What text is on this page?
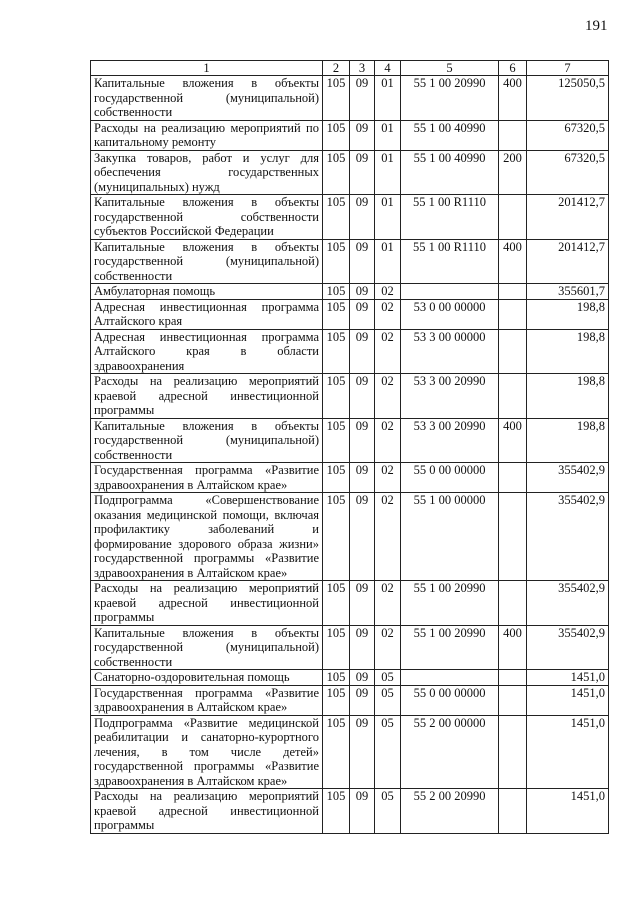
191
1	2	3	4	5	6	7
Капитальные вложения в объекты государственной (муниципальной) собственности	105	09	01	55 1 00 20990	400	125050,5
Расходы на реализацию мероприятий по капитальному ремонту	105	09	01	55 1 00 40990		67320,5
Закупка товаров, работ и услуг для обеспечения государственных (муниципальных) нужд	105	09	01	55 1 00 40990	200	67320,5
Капитальные вложения в объекты государственной собственности субъектов Российской Федерации	105	09	01	55 1 00 R1110		201412,7
Капитальные вложения в объекты государственной (муниципальной) собственности	105	09	01	55 1 00 R1110	400	201412,7
Амбулаторная помощь	105	09	02			355601,7
Адресная инвестиционная программа Алтайского края	105	09	02	53 0 00 00000		198,8
Адресная инвестиционная программа Алтайского края в области здравоохранения	105	09	02	53 3 00 00000		198,8
Расходы на реализацию мероприятий краевой адресной инвестиционной программы	105	09	02	53 3 00 20990		198,8
Капитальные вложения в объекты государственной (муниципальной) собственности	105	09	02	53 3 00 20990	400	198,8
Государственная программа «Развитие здравоохранения в Алтайском крае»	105	09	02	55 0 00 00000		355402,9
Подпрограмма «Совершенствование оказания медицинской помощи, включая профилактику заболеваний и формирование здорового образа жизни» государственной программы «Развитие здравоохранения в Алтайском крае»	105	09	02	55 1 00 00000		355402,9
Расходы на реализацию мероприятий краевой адресной инвестиционной программы	105	09	02	55 1 00 20990		355402,9
Капитальные вложения в объекты государственной (муниципальной) собственности	105	09	02	55 1 00 20990	400	355402,9
Санаторно-оздоровительная помощь	105	09	05			1451,0
Государственная программа «Развитие здравоохранения в Алтайском крае»	105	09	05	55 0 00 00000		1451,0
Подпрограмма «Развитие медицинской реабилитации и санаторно-курортного лечения, в том числе детей» государственной программы «Развитие здравоохранения в Алтайском крае»	105	09	05	55 2 00 00000		1451,0
Расходы на реализацию мероприятий краевой адресной инвестиционной программы	105	09	05	55 2 00 20990		1451,0
